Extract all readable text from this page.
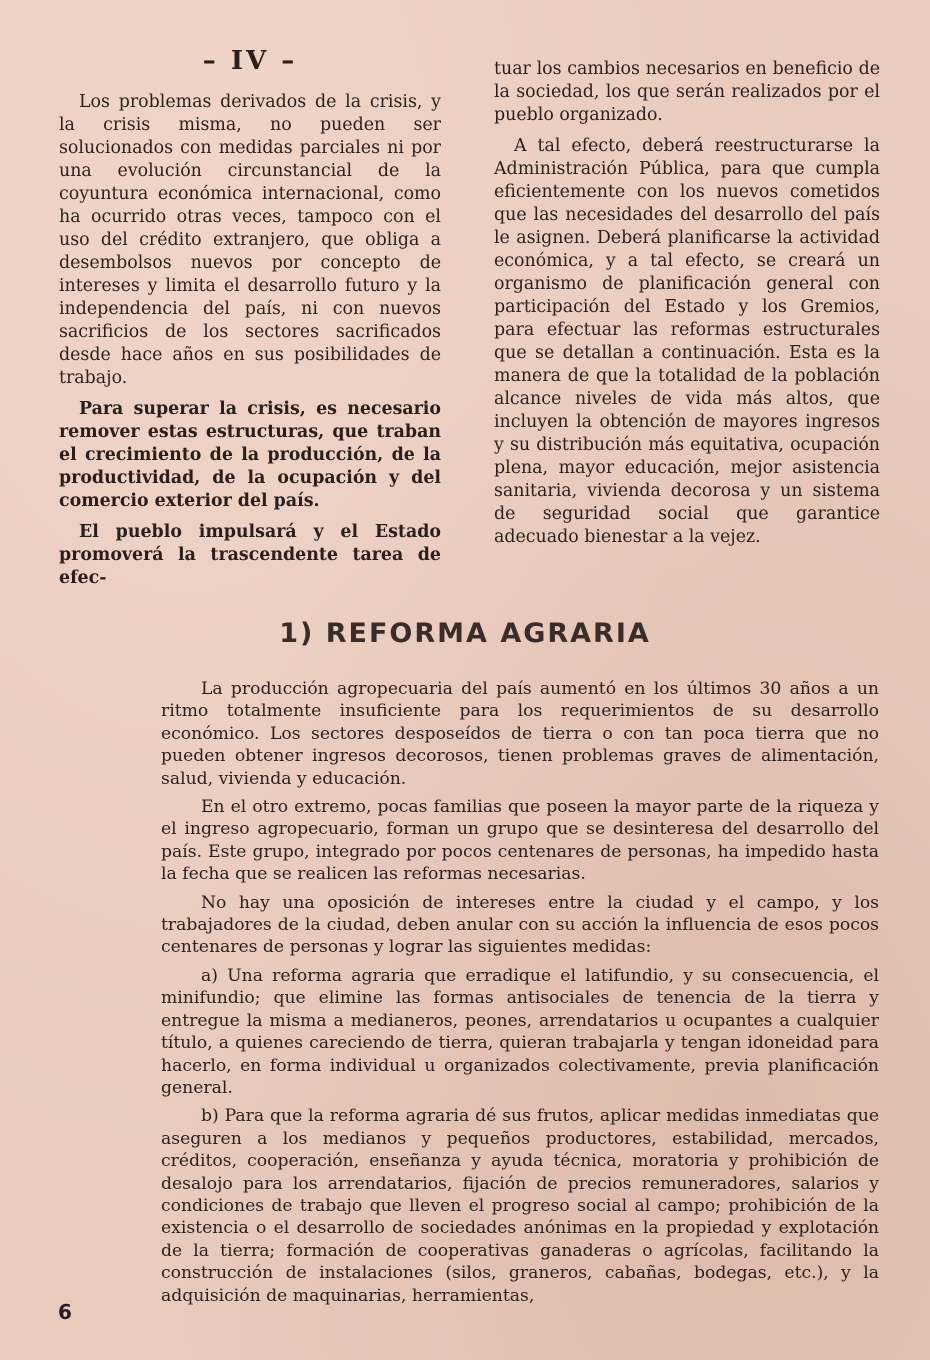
– IV –

Los problemas derivados de la crisis, y la crisis misma, no pueden ser solucionados con medidas parciales ni por una evolución circunstancial de la coyuntura económica internacional, como ha ocurrido otras veces, tampoco con el uso del crédito extranjero, que obliga a desembolsos nuevos por concepto de intereses y limita el desarrollo futuro y la independencia del país, ni con nuevos sacrificios de los sectores sacrificados desde hace años en sus posibilidades de trabajo.

Para superar la crisis, es necesario remover estas estructuras, que traban el crecimiento de la producción, de la productividad, de la ocupación y del comercio exterior del país.

El pueblo impulsará y el Estado promoverá la trascendente tarea de efec-

tuar los cambios necesarios en beneficio de la sociedad, los que serán realizados por el pueblo organizado.

A tal efecto, deberá reestructurarse la Administración Pública, para que cumpla eficientemente con los nuevos cometidos que las necesidades del desarrollo del país le asignen. Deberá planificarse la actividad económica, y a tal efecto, se creará un organismo de planificación general con participación del Estado y los Gremios, para efectuar las reformas estructurales que se detallan a continuación. Esta es la manera de que la totalidad de la población alcance niveles de vida más altos, que incluyen la obtención de mayores ingresos y su distribución más equitativa, ocupación plena, mayor educación, mejor asistencia sanitaria, vivienda decorosa y un sistema de seguridad social que garantice adecuado bienestar a la vejez.

1) REFORMA AGRARIA

La producción agropecuaria del país aumentó en los últimos 30 años a un ritmo totalmente insuficiente para los requerimientos de su desarrollo económico. Los sectores desposeídos de tierra o con tan poca tierra que no pueden obtener ingresos decorosos, tienen problemas graves de alimentación, salud, vivienda y educación.

En el otro extremo, pocas familias que poseen la mayor parte de la riqueza y el ingreso agropecuario, forman un grupo que se desinteresa del desarrollo del país. Este grupo, integrado por pocos centenares de personas, ha impedido hasta la fecha que se realicen las reformas necesarias.

No hay una oposición de intereses entre la ciudad y el campo, y los trabajadores de la ciudad, deben anular con su acción la influencia de esos pocos centenares de personas y lograr las siguientes medidas:

a) Una reforma agraria que erradique el latifundio, y su consecuencia, el minifundio; que elimine las formas antisociales de tenencia de la tierra y entregue la misma a medianeros, peones, arrendatarios u ocupantes a cualquier título, a quienes careciendo de tierra, quieran trabajarla y tengan idoneidad para hacerlo, en forma individual u organizados colectivamente, previa planificación general.

b) Para que la reforma agraria dé sus frutos, aplicar medidas inmediatas que aseguren a los medianos y pequeños productores, estabilidad, mercados, créditos, cooperación, enseñanza y ayuda técnica, moratoria y prohibición de desalojo para los arrendatarios, fijación de precios remuneradores, salarios y condiciones de trabajo que lleven el progreso social al campo; prohibición de la existencia o el desarrollo de sociedades anónimas en la propiedad y explotación de la tierra; formación de cooperativas ganaderas o agrícolas, facilitando la construcción de instalaciones (silos, graneros, cabañas, bodegas, etc.), y la adquisición de maquinarias, herramientas,

6
